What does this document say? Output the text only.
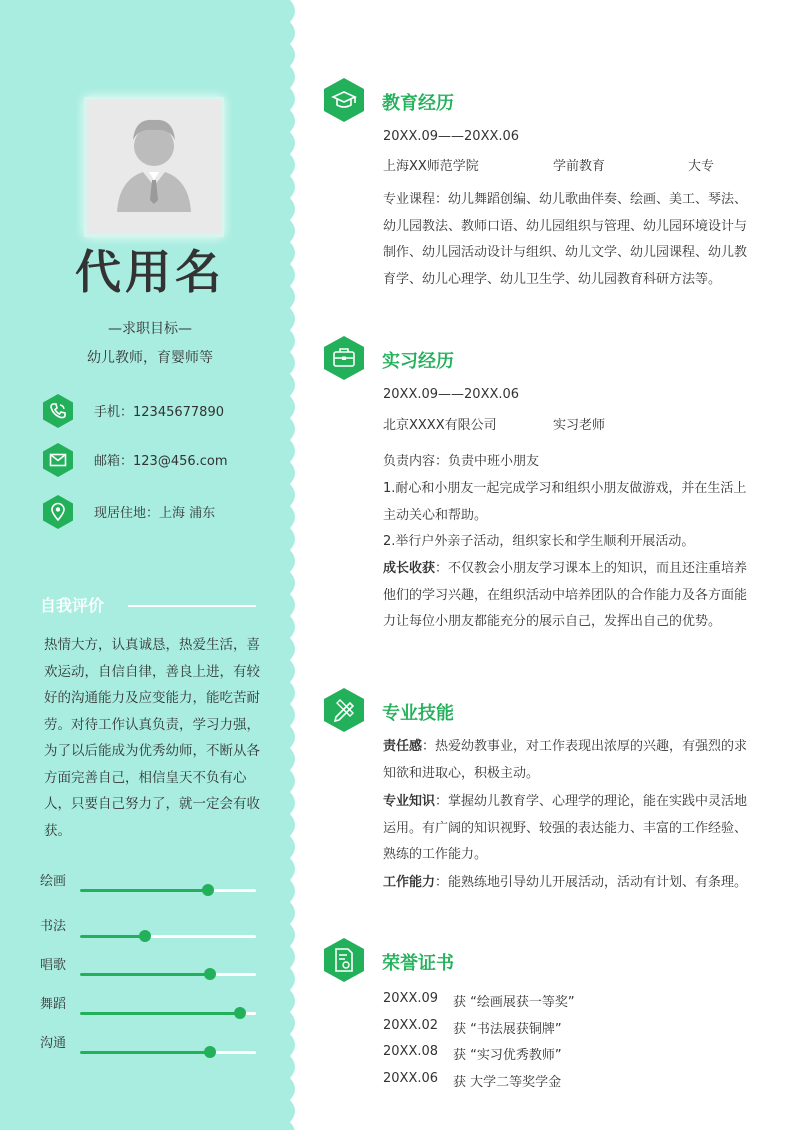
代用名
—求职目标—
幼儿教师，育婴师等
手机：12345677890
邮箱：123@456.com
现居住地：上海 浦东
自我评价
热情大方，认真诚恳，热爱生活，喜欢运动，自信自律，善良上进，有较好的沟通能力及应变能力，能吃苦耐劳。对待工作认真负责，学习力强，为了以后能成为优秀幼师，不断从各方面完善自己，相信皇天不负有心人，只要自己努力了，就一定会有收获。
绘画
书法
唱歌
舞蹈
沟通
教育经历
20XX.09——20XX.06
上海XX师范学院	学前教育	大专
专业课程：幼儿舞蹈创编、幼儿歌曲伴奏、绘画、美工、琴法、幼儿园教法、教师口语、幼儿园组织与管理、幼儿园环境设计与制作、幼儿园活动设计与组织、幼儿文学、幼儿园课程、幼儿教育学、幼儿心理学、幼儿卫生学、幼儿园教育科研方法等。
实习经历
20XX.09——20XX.06
北京XXXX有限公司	实习老师
负责内容：负责中班小朋友
1.耐心和小朋友一起完成学习和组织小朋友做游戏，并在生活上主动关心和帮助。
2.举行户外亲子活动，组织家长和学生顺利开展活动。
成长收获：不仅教会小朋友学习课本上的知识，而且还注重培养他们的学习兴趣，在组织活动中培养团队的合作能力及各方面能力让每位小朋友都能充分的展示自己，发挥出自己的优势。
专业技能
责任感：热爱幼教事业，对工作表现出浓厚的兴趣，有强烈的求知欲和进取心，积极主动。
专业知识：掌握幼儿教育学、心理学的理论，能在实践中灵活地运用。有广阔的知识视野、较强的表达能力、丰富的工作经验、熟练的工作能力。
工作能力：能熟练地引导幼儿开展活动，活动有计划、有条理。
荣誉证书
20XX.09 获 “绘画展获一等奖”
20XX.02 获 “书法展获铜牌”
20XX.08 获 “实习优秀教师”
20XX.06 获 大学二等奖学金
